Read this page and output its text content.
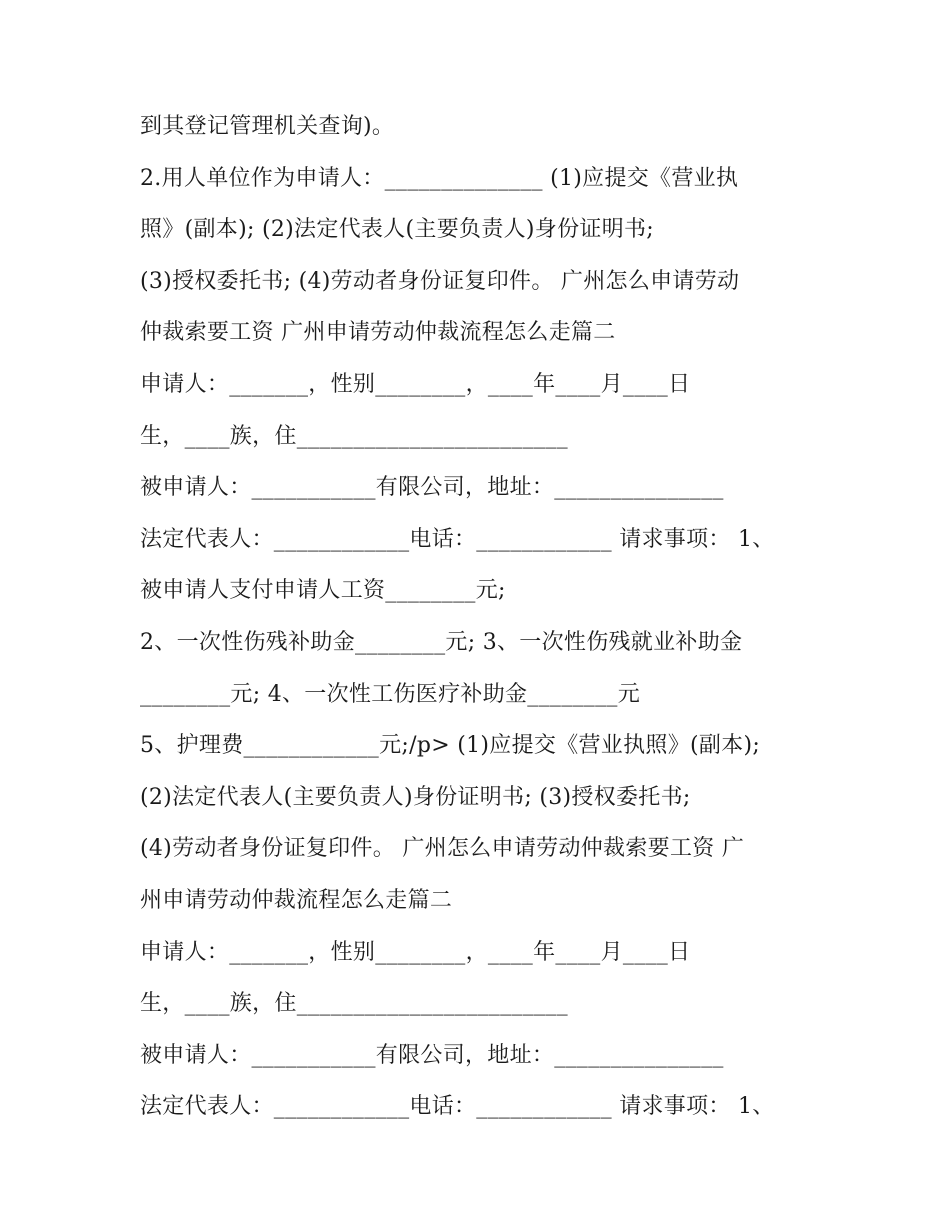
到其登记管理机关查询)。
2.用人单位作为申请人：______________ (1)应提交《营业执
照》(副本); (2)法定代表人(主要负责人)身份证明书;
(3)授权委托书; (4)劳动者身份证复印件。 广州怎么申请劳动
仲裁索要工资 广州申请劳动仲裁流程怎么走篇二
申请人：_______，性别________，____年____月____日
生，____族，住________________________
被申请人：___________有限公司，地址：_______________
法定代表人：____________电话：____________ 请求事项： 1、
被申请人支付申请人工资________元;
2、一次性伤残补助金________元; 3、一次性伤残就业补助金
________元; 4、一次性工伤医疗补助金________元
5、护理费____________元;/p> (1)应提交《营业执照》(副本);
(2)法定代表人(主要负责人)身份证明书; (3)授权委托书;
(4)劳动者身份证复印件。 广州怎么申请劳动仲裁索要工资 广
州申请劳动仲裁流程怎么走篇二
申请人：_______，性别________，____年____月____日
生，____族，住________________________
被申请人：___________有限公司，地址：_______________
法定代表人：____________电话：____________ 请求事项： 1、
